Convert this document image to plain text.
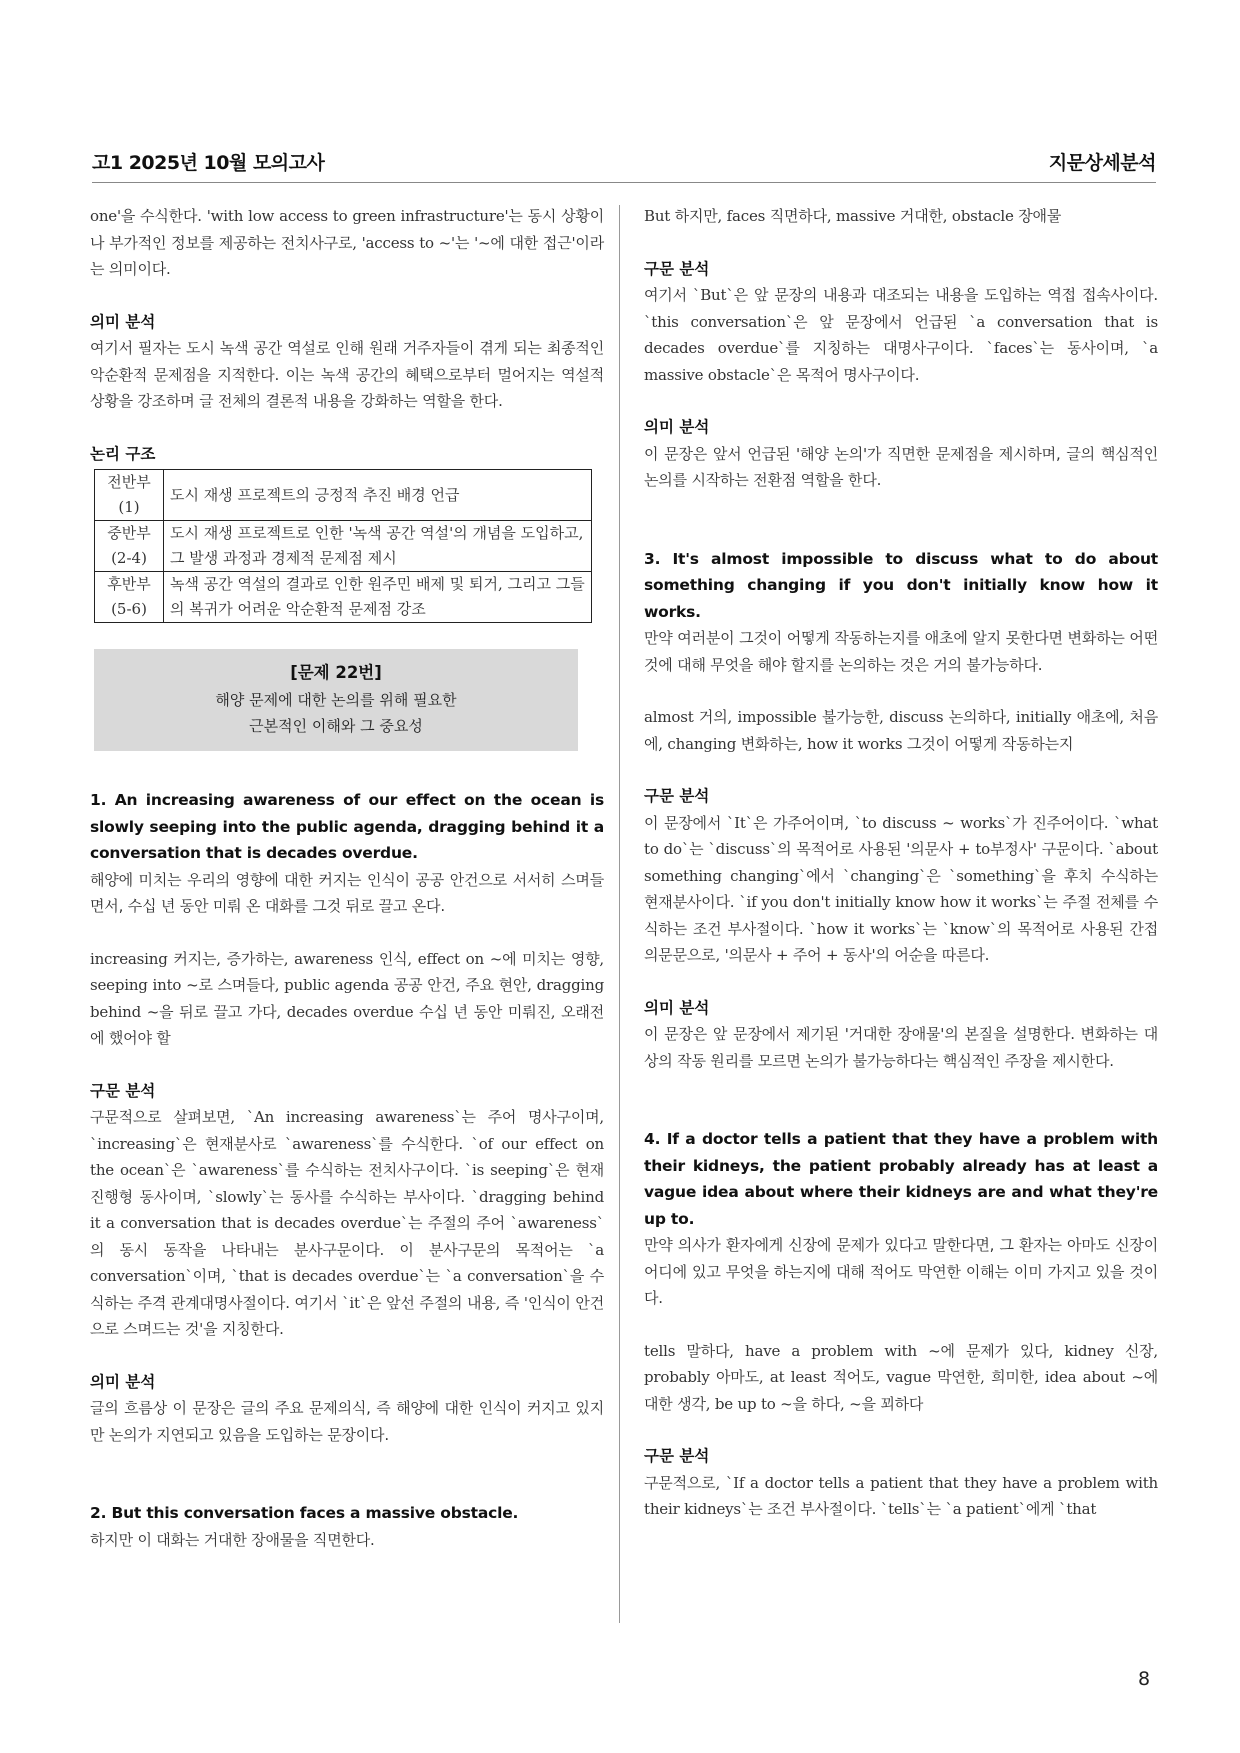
고1 2025년 10월 모의고사	지문상세분석

one'을 수식한다. 'with low access to green infrastructure'는 동시 상황이나 부가적인 정보를 제공하는 전치사구로, 'access to ~'는 '~에 대한 접근'이라는 의미이다.

의미 분석

여기서 필자는 도시 녹색 공간 역설로 인해 원래 거주자들이 겪게 되는 최종적인 악순환적 문제점을 지적한다. 이는 녹색 공간의 혜택으로부터 멀어지는 역설적 상황을 강조하며 글 전체의 결론적 내용을 강화하는 역할을 한다.

논리 구조

전반부
(1)	도시 재생 프로젝트의 긍정적 추진 배경 언급
중반부
(2-4)	도시 재생 프로젝트로 인한 '녹색 공간 역설'의 개념을 도입하고, 그 발생 과정과 경제적 문제점 제시
후반부
(5-6)	녹색 공간 역설의 결과로 인한 원주민 배제 및 퇴거, 그리고 그들의 복귀가 어려운 악순환적 문제점 강조
[문제 22번]
해양 문제에 대한 논의를 위해 필요한
근본적인 이해와 그 중요성

1. An increasing awareness of our effect on the ocean is slowly seeping into the public agenda, dragging behind it a conversation that is decades overdue.

해양에 미치는 우리의 영향에 대한 커지는 인식이 공공 안건으로 서서히 스며들면서, 수십 년 동안 미뤄 온 대화를 그것 뒤로 끌고 온다.

increasing 커지는, 증가하는, awareness 인식, effect on ~에 미치는 영향, seeping into ~로 스며들다, public agenda 공공 안건, 주요 현안, dragging behind ~을 뒤로 끌고 가다, decades overdue 수십 년 동안 미뤄진, 오래전에 했어야 할

구문 분석

구문적으로 살펴보면, `An increasing awareness`는 주어 명사구이며, `increasing`은 현재분사로 `awareness`를 수식한다. `of our effect on the ocean`은 `awareness`를 수식하는 전치사구이다. `is seeping`은 현재진행형 동사이며, `slowly`는 동사를 수식하는 부사이다. `dragging behind it a conversation that is decades overdue`는 주절의 주어 `awareness`의 동시 동작을 나타내는 분사구문이다. 이 분사구문의 목적어는 `a conversation`이며, `that is decades overdue`는 `a conversation`을 수식하는 주격 관계대명사절이다. 여기서 `it`은 앞선 주절의 내용, 즉 '인식이 안건으로 스며드는 것'을 지칭한다.

의미 분석

글의 흐름상 이 문장은 글의 주요 문제의식, 즉 해양에 대한 인식이 커지고 있지만 논의가 지연되고 있음을 도입하는 문장이다.

2. But this conversation faces a massive obstacle.

하지만 이 대화는 거대한 장애물을 직면한다.

But 하지만, faces 직면하다, massive 거대한, obstacle 장애물

구문 분석

여기서 `But`은 앞 문장의 내용과 대조되는 내용을 도입하는 역접 접속사이다. `this conversation`은 앞 문장에서 언급된 `a conversation that is decades overdue`를 지칭하는 대명사구이다. `faces`는 동사이며, `a massive obstacle`은 목적어 명사구이다.

의미 분석

이 문장은 앞서 언급된 '해양 논의'가 직면한 문제점을 제시하며, 글의 핵심적인 논의를 시작하는 전환점 역할을 한다.

3. It's almost impossible to discuss what to do about something changing if you don't initially know how it works.

만약 여러분이 그것이 어떻게 작동하는지를 애초에 알지 못한다면 변화하는 어떤 것에 대해 무엇을 해야 할지를 논의하는 것은 거의 불가능하다.

almost 거의, impossible 불가능한, discuss 논의하다, initially 애초에, 처음에, changing 변화하는, how it works 그것이 어떻게 작동하는지

구문 분석

이 문장에서 `It`은 가주어이며, `to discuss ~ works`가 진주어이다. `what to do`는 `discuss`의 목적어로 사용된 '의문사 + to부정사' 구문이다. `about something changing`에서 `changing`은 `something`을 후치 수식하는 현재분사이다. `if you don't initially know how it works`는 주절 전체를 수식하는 조건 부사절이다. `how it works`는 `know`의 목적어로 사용된 간접의문문으로, '의문사 + 주어 + 동사'의 어순을 따른다.

의미 분석

이 문장은 앞 문장에서 제기된 '거대한 장애물'의 본질을 설명한다. 변화하는 대상의 작동 원리를 모르면 논의가 불가능하다는 핵심적인 주장을 제시한다.

4. If a doctor tells a patient that they have a problem with their kidneys, the patient probably already has at least a vague idea about where their kidneys are and what they're up to.

만약 의사가 환자에게 신장에 문제가 있다고 말한다면, 그 환자는 아마도 신장이 어디에 있고 무엇을 하는지에 대해 적어도 막연한 이해는 이미 가지고 있을 것이다.

tells 말하다, have a problem with ~에 문제가 있다, kidney 신장, probably 아마도, at least 적어도, vague 막연한, 희미한, idea about ~에 대한 생각, be up to ~을 하다, ~을 꾀하다

구문 분석

구문적으로, `If a doctor tells a patient that they have a problem with their kidneys`는 조건 부사절이다. `tells`는 `a patient`에게 `that

8
